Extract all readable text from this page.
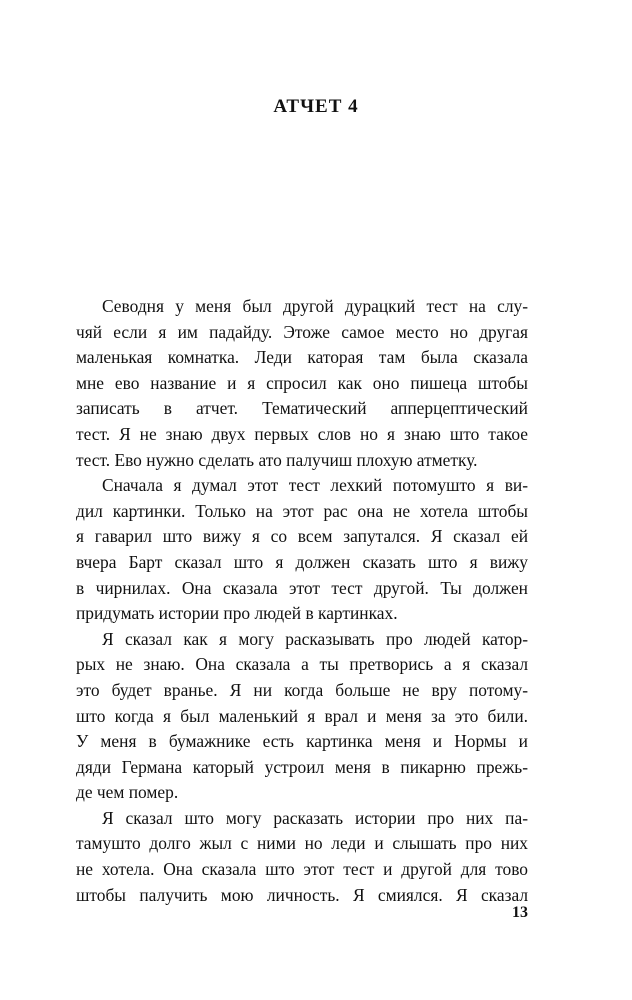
АТЧЕТ 4
Севодня у меня был другой дурацкий тест на слу-
чяй если я им падайду. Этоже самое место но другая
маленькая комнатка. Леди каторая там была сказала
мне ево название и я спросил как оно пишеца штобы
записать в атчет. Тематический апперцептический
тест. Я не знаю двух первых слов но я знаю што такое
тест. Ево нужно сделать ато палучиш плохую атметку.
Сначала я думал этот тест лехкий потомушто я ви-
дил картинки. Только на этот рас она не хотела штобы
я гаварил што вижу я со всем запутался. Я сказал ей
вчера Барт сказал што я должен сказать што я вижу
в чирнилах. Она сказала этот тест другой. Ты должен
придумать истории про людей в картинках.
Я сказал как я могу расказывать про людей катор-
рых не знаю. Она сказала а ты претворись а я сказал
это будет вранье. Я ни когда больше не вру потому-
што когда я был маленький я врал и меня за это били.
У меня в бумажнике есть картинка меня и Нормы и
дяди Германа каторый устроил меня в пикарню прежь-
де чем помер.
Я сказал што могу расказать истории про них па-
тамушто долго жыл с ними но леди и слышать про них
не хотела. Она сказала што этот тест и другой для тово
штобы палучить мою личность. Я смиялся. Я сказал

13
